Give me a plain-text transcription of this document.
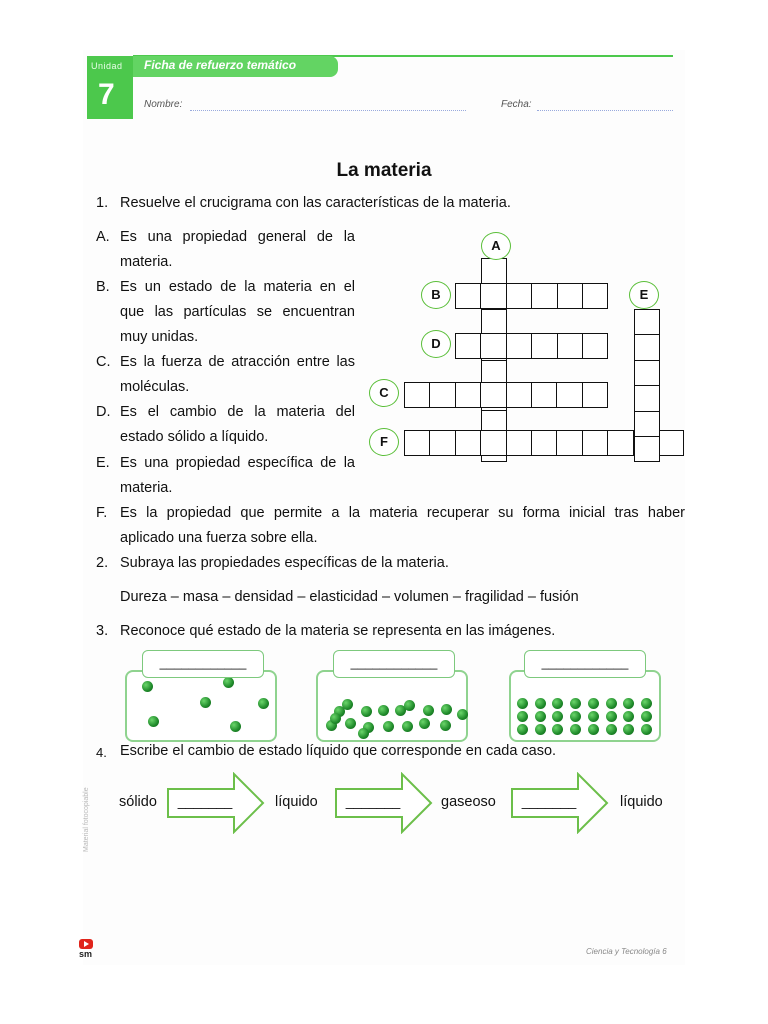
Unidad
7
Ficha de refuerzo temático
Nombre:	Fecha:
La materia
1. Resuelve el crucigrama con las características de la materia.
A. Es una propiedad general de la
materia.
B. Es un estado de la materia en el
que las partículas se encuentran
muy unidas.
C. Es la fuerza de atracción entre las
moléculas.
D. Es el cambio de la materia del
estado sólido a líquido.
E. Es una propiedad específica de la
materia.
F. Es la propiedad que permite a la materia recuperar su forma inicial tras haber
aplicado una fuerza sobre ella.
A
B	E
D
C
F
2. Subraya las propiedades específicas de la materia.
Dureza – masa – densidad – elasticidad – volumen – fragilidad – fusión
3. Reconoce qué estado de la materia se representa en las imágenes.
____________	____________	____________
4. Escribe el cambio de estado líquido que corresponde en cada caso.
sólido	_______	líquido	_______	gaseoso	_______	líquido
Material fotocopiable
sm	Ciencia y Tecnología 6
